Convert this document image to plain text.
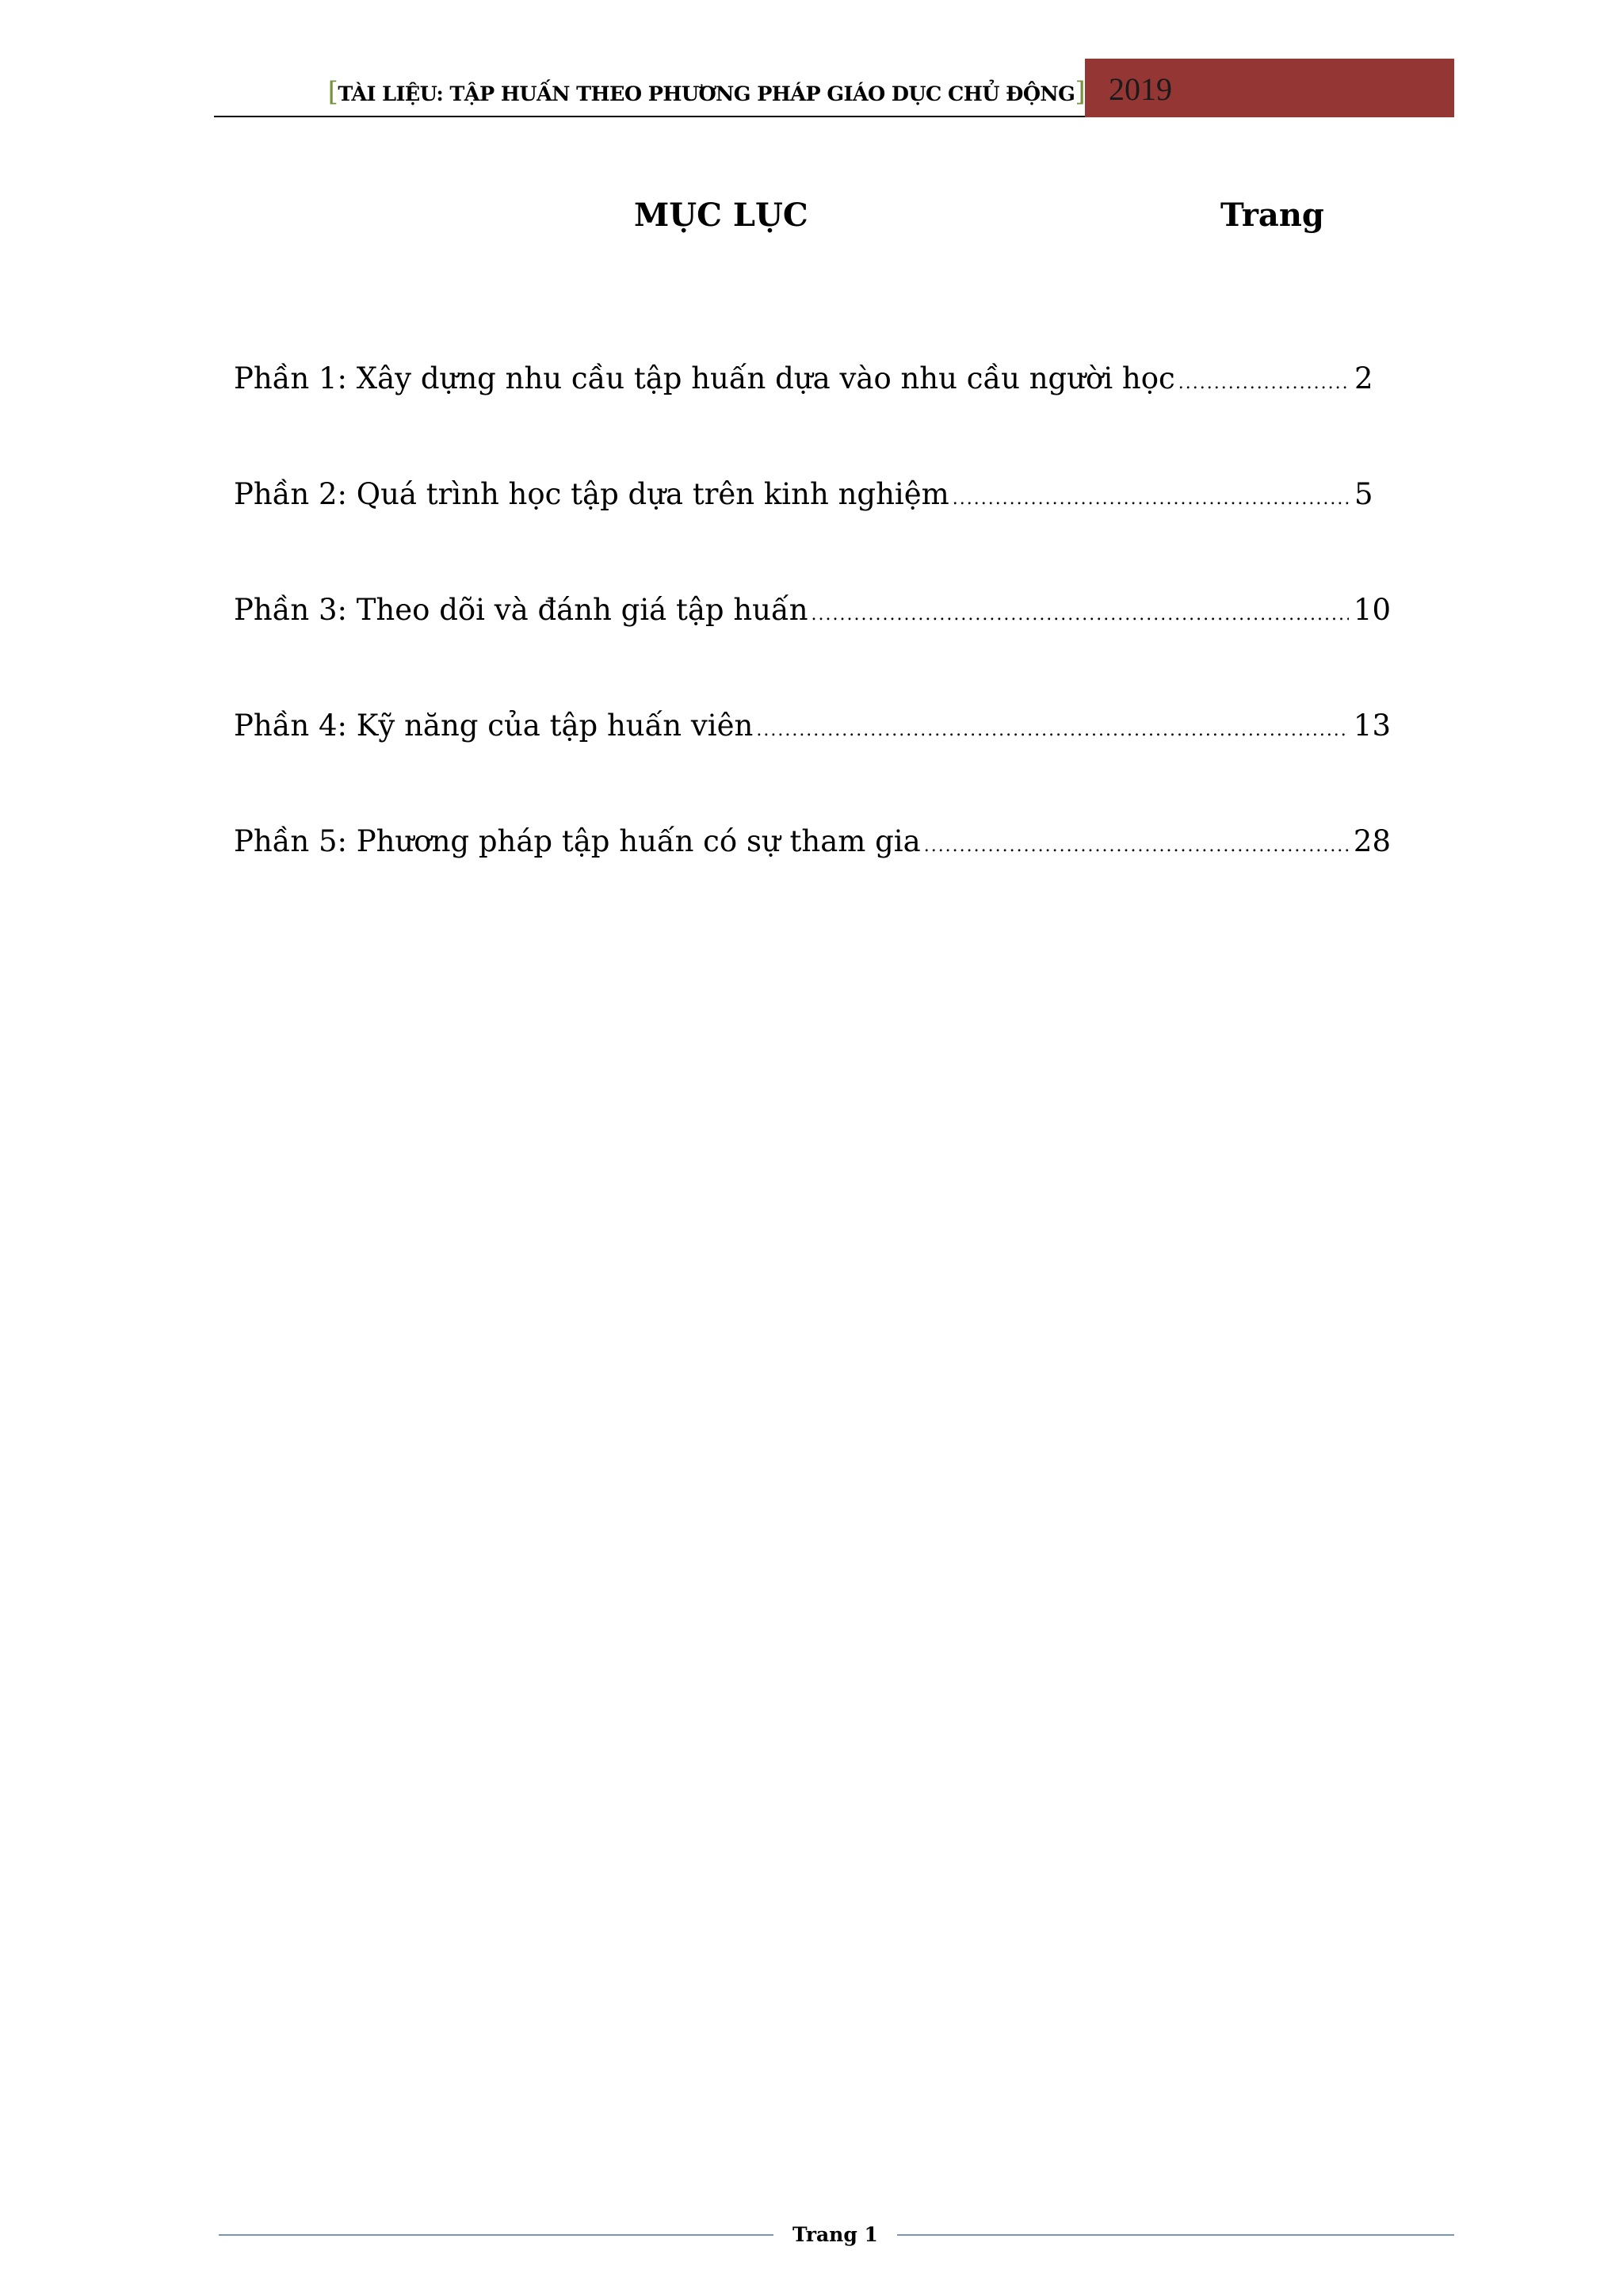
[TÀI LIỆU: TẬP HUẤN THEO PHƯƠNG PHÁP GIÁO DỤC CHỦ ĐỘNG] 2019
MỤC LỤC	Trang
Phần 1: Xây dựng nhu cầu tập huấn dựa vào nhu cầu người học .....	2
Phần 2: Quá trình học tập dựa trên kinh nghiệm .....	5
Phần 3: Theo dõi và đánh giá tập huấn .....	10
Phần 4: Kỹ năng của tập huấn viên .....	13
Phần 5: Phương pháp tập huấn có sự tham gia .....	28
Trang 1
